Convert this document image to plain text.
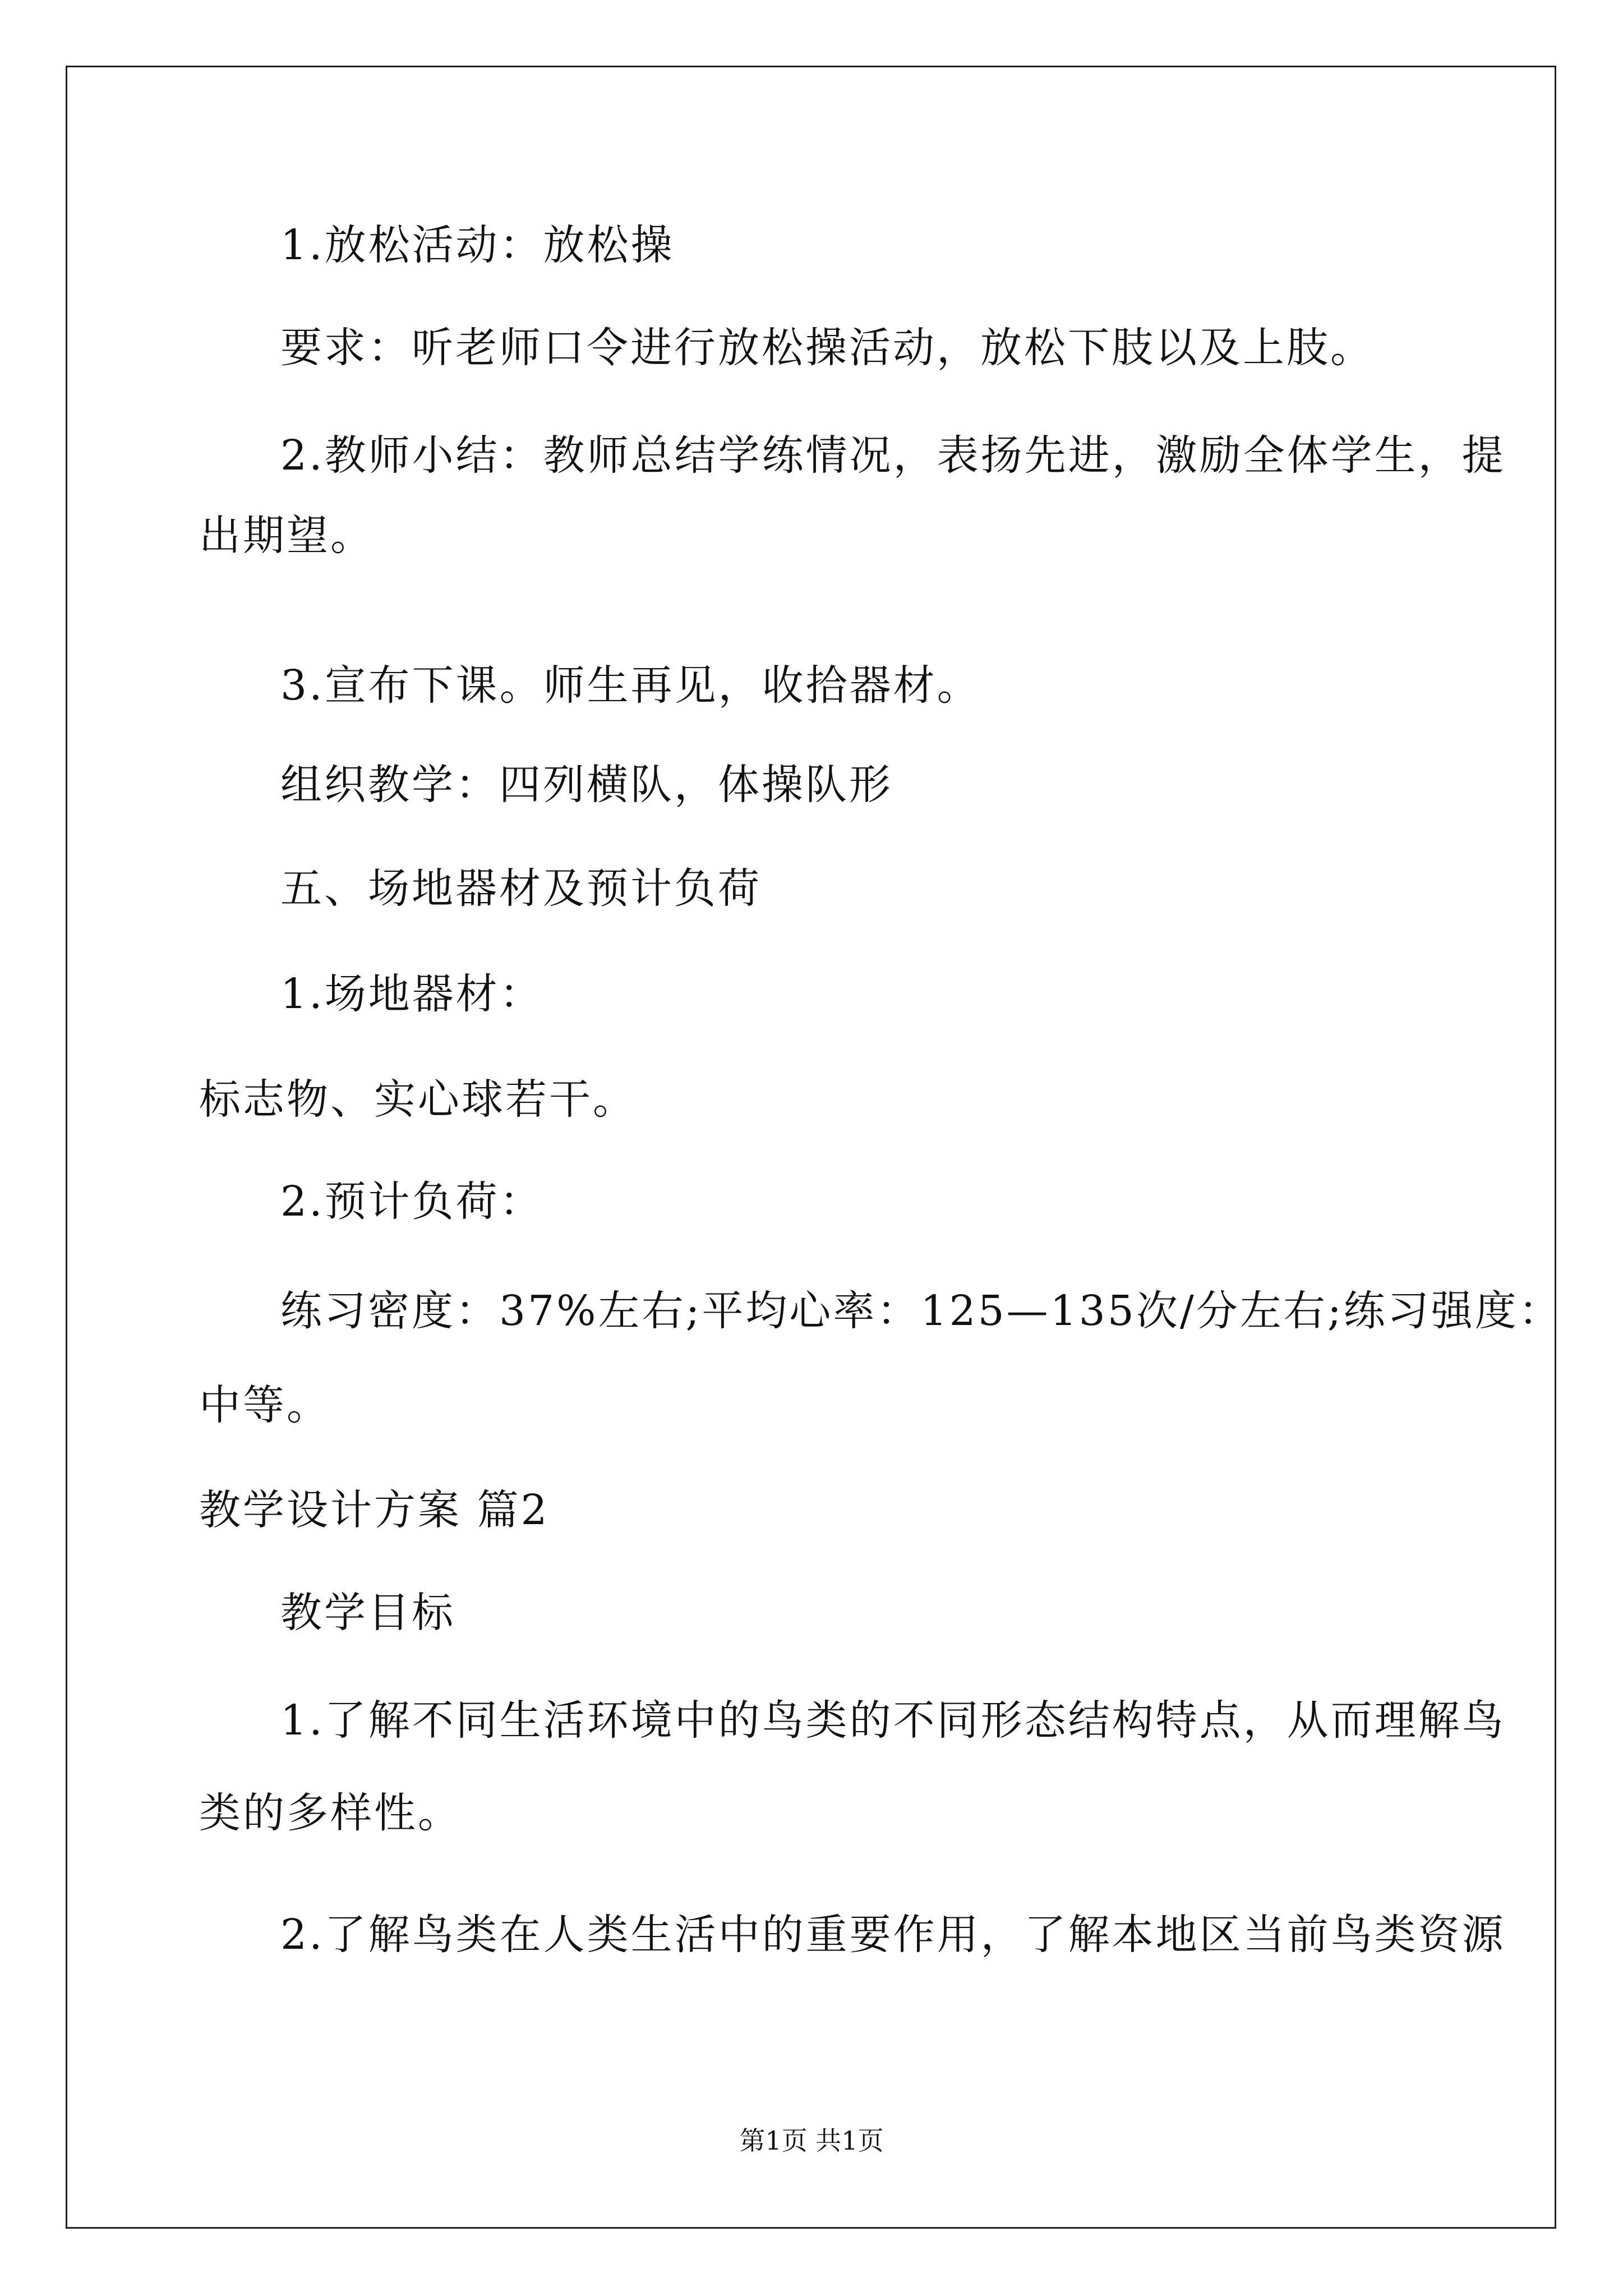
1.放松活动：放松操
要求：听老师口令进行放松操活动，放松下肢以及上肢。
2.教师小结：教师总结学练情况，表扬先进，激励全体学生，提
出期望。
3.宣布下课。师生再见，收拾器材。
组织教学：四列横队，体操队形
五、场地器材及预计负荷
1.场地器材：
标志物、实心球若干。
2.预计负荷：
练习密度：37%左右;平均心率：125—135次/分左右;练习强度：
中等。
教学设计方案 篇2
教学目标
1.了解不同生活环境中的鸟类的不同形态结构特点，从而理解鸟
类的多样性。
2.了解鸟类在人类生活中的重要作用，了解本地区当前鸟类资源
第1页 共1页
